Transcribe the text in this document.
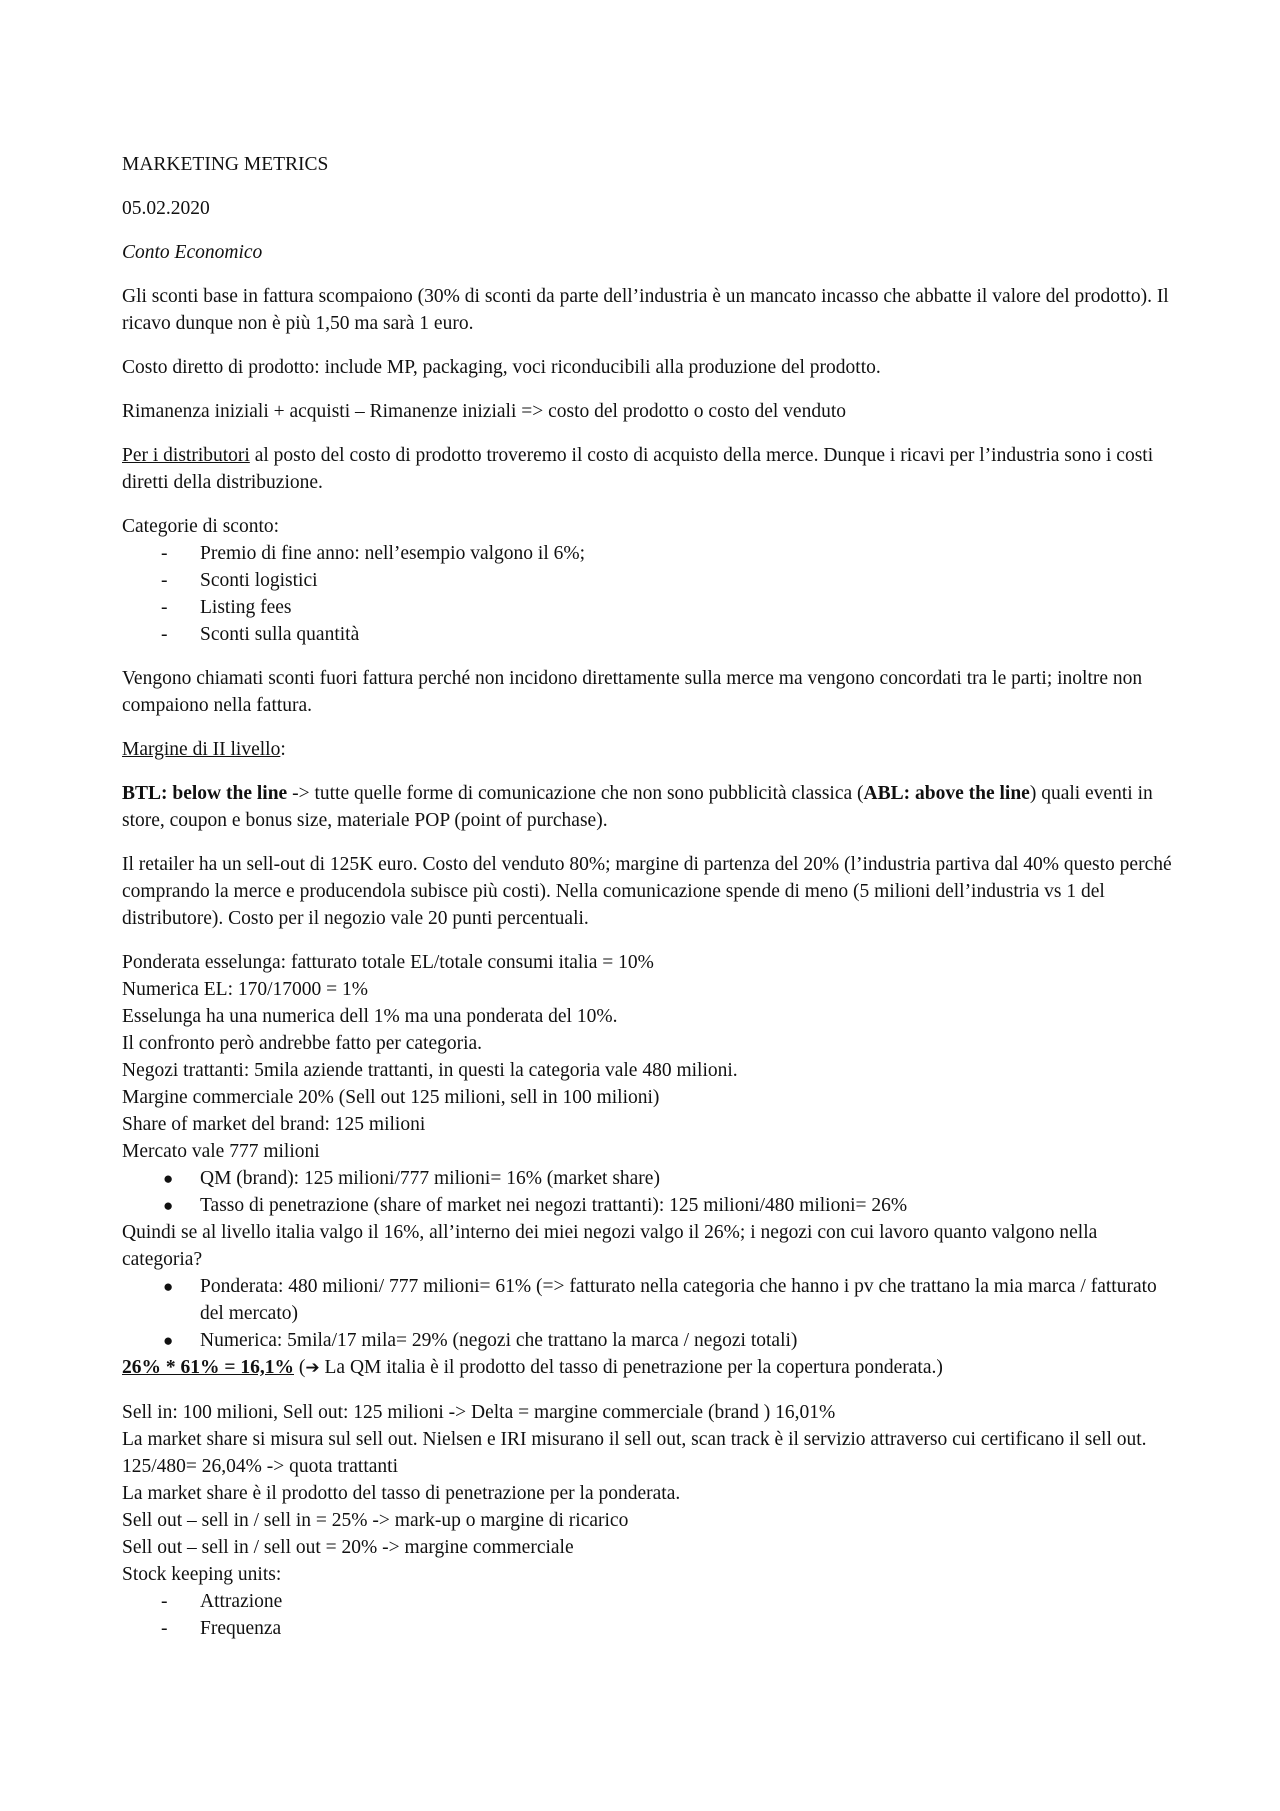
MARKETING METRICS

05.02.2020

Conto Economico

Gli sconti base in fattura scompaiono (30% di sconti da parte dell’industria è un mancato incasso che abbatte il valore del prodotto). Il ricavo dunque non è più 1,50 ma sarà 1 euro.

Costo diretto di prodotto: include MP, packaging, voci riconducibili alla produzione del prodotto.

Rimanenza iniziali + acquisti – Rimanenze iniziali => costo del prodotto o costo del venduto

Per i distributori al posto del costo di prodotto troveremo il costo di acquisto della merce. Dunque i ricavi per l’industria sono i costi diretti della distribuzione.

Categorie di sconto:

- Premio di fine anno: nell’esempio valgono il 6%;
- Sconti logistici
- Listing fees
- Sconti sulla quantità

Vengono chiamati sconti fuori fattura perché non incidono direttamente sulla merce ma vengono concordati tra le parti; inoltre non compaiono nella fattura.

Margine di II livello:

BTL: below the line -> tutte quelle forme di comunicazione che non sono pubblicità classica (ABL: above the line) quali eventi in store, coupon e bonus size, materiale POP (point of purchase).

Il retailer ha un sell-out di 125K euro. Costo del venduto 80%; margine di partenza del 20% (l’industria partiva dal 40% questo perché comprando la merce e producendola subisce più costi). Nella comunicazione spende di meno (5 milioni dell’industria vs 1 del distributore). Costo per il negozio vale 20 punti percentuali.

Ponderata esselunga: fatturato totale EL/totale consumi italia = 10%

Numerica EL: 170/17000 = 1%

Esselunga ha una numerica dell 1% ma una ponderata del 10%.

Il confronto però andrebbe fatto per categoria.

Negozi trattanti: 5mila aziende trattanti, in questi la categoria vale 480 milioni.

Margine commerciale 20% (Sell out 125 milioni, sell in 100 milioni)

Share of market del brand: 125 milioni

Mercato vale 777 milioni

● QM (brand): 125 milioni/777 milioni= 16% (market share)
● Tasso di penetrazione (share of market nei negozi trattanti): 125 milioni/480 milioni= 26%

Quindi se al livello italia valgo il 16%, all’interno dei miei negozi valgo il 26%; i negozi con cui lavoro quanto valgono nella categoria?

● Ponderata: 480 milioni/ 777 milioni= 61% (=> fatturato nella categoria che hanno i pv che trattano la mia marca / fatturato del mercato)
● Numerica: 5mila/17 mila= 29% (negozi che trattano la marca / negozi totali)

26% * 61% = 16,1% (➔ La QM italia è il prodotto del tasso di penetrazione per la copertura ponderata.)

Sell in: 100 milioni, Sell out: 125 milioni -> Delta = margine commerciale (brand ) 16,01%

La market share si misura sul sell out. Nielsen e IRI misurano il sell out, scan track è il servizio attraverso cui certificano il sell out.

125/480= 26,04% -> quota trattanti

La market share è il prodotto del tasso di penetrazione per la ponderata.

Sell out – sell in / sell in = 25% -> mark-up o margine di ricarico

Sell out – sell in / sell out = 20% -> margine commerciale

Stock keeping units:

- Attrazione
- Frequenza
